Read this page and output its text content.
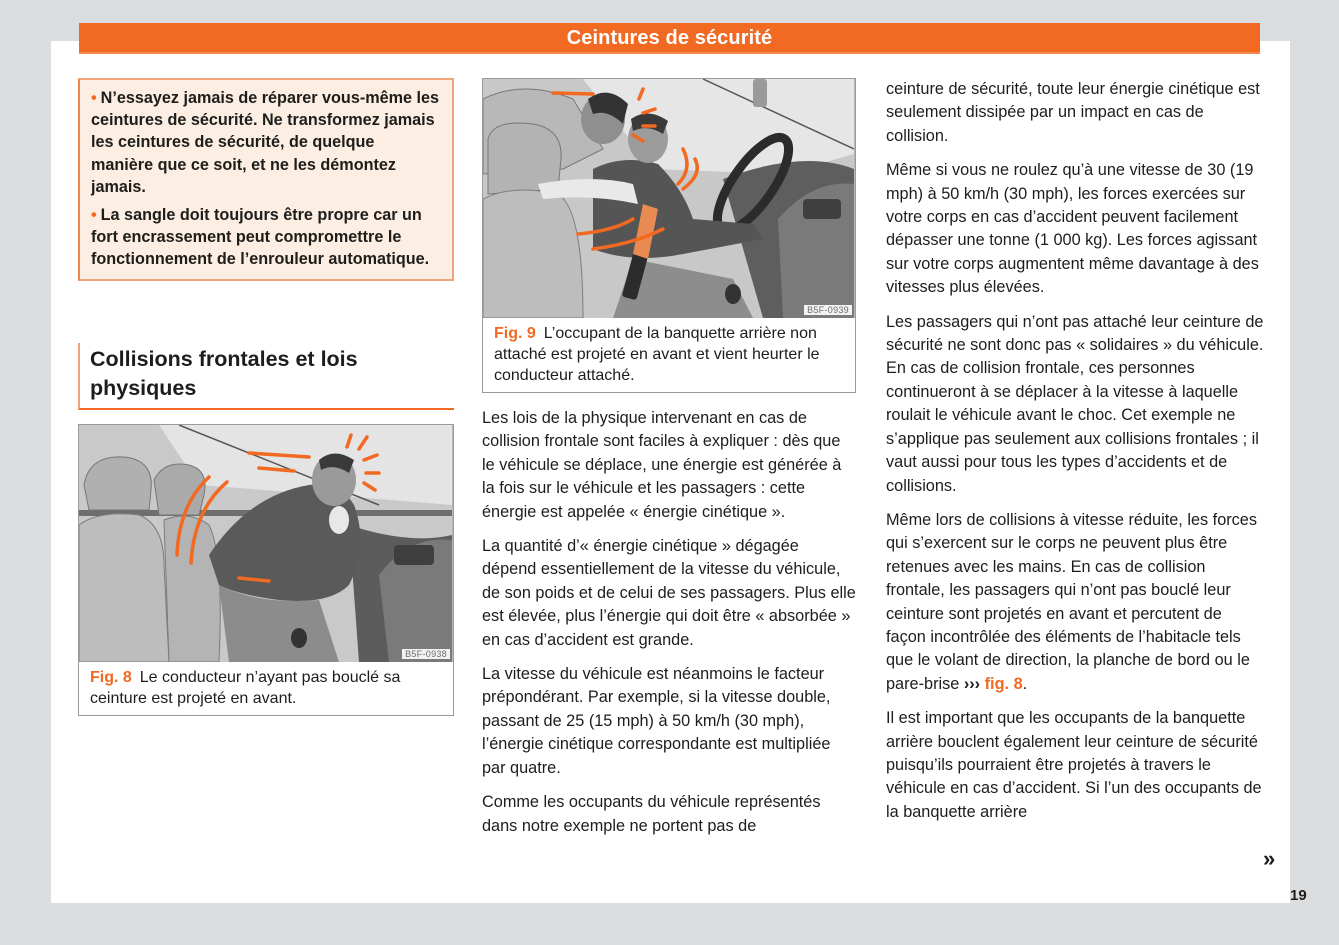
Ceintures de sécurité

• N’essayez jamais de réparer vous-même les ceintures de sécurité. Ne transformez jamais les ceintures de sécurité, de quelque manière que ce soit, et ne les démontez jamais.

• La sangle doit toujours être propre car un fort encrassement peut compromettre le fonctionnement de l’enrouleur automatique.

Collisions frontales et lois physiques
B5F-0938
Fig. 8 Le conducteur n’ayant pas bouclé sa ceinture est projeté en avant.
B5F-0939
Fig. 9 L’occupant de la banquette arrière non attaché est projeté en avant et vient heurter le conducteur attaché.

Les lois de la physique intervenant en cas de collision frontale sont faciles à expliquer : dès que le véhicule se déplace, une énergie est générée à la fois sur le véhicule et les passagers : cette énergie est appelée « énergie cinétique ».

La quantité d’« énergie cinétique » dégagée dépend essentiellement de la vitesse du véhicule, de son poids et de celui de ses passagers. Plus elle est élevée, plus l’énergie qui doit être « absorbée » en cas d’accident est grande.

La vitesse du véhicule est néanmoins le facteur prépondérant. Par exemple, si la vitesse double, passant de 25 (15 mph) à 50 km/h (30 mph), l’énergie cinétique correspondante est multipliée par quatre.

Comme les occupants du véhicule représentés dans notre exemple ne portent pas de

ceinture de sécurité, toute leur énergie cinétique est seulement dissipée par un impact en cas de collision.

Même si vous ne roulez qu’à une vitesse de 30 (19 mph) à 50 km/h (30 mph), les forces exercées sur votre corps en cas d’accident peuvent facilement dépasser une tonne (1 000 kg). Les forces agissant sur votre corps augmentent même davantage à des vitesses plus élevées.

Les passagers qui n’ont pas attaché leur ceinture de sécurité ne sont donc pas « solidaires » du véhicule. En cas de collision frontale, ces personnes continueront à se déplacer à la vitesse à laquelle roulait le véhicule avant le choc. Cet exemple ne s’applique pas seulement aux collisions frontales ; il vaut aussi pour tous les types d’accidents et de collisions.

Même lors de collisions à vitesse réduite, les forces qui s’exercent sur le corps ne peuvent plus être retenues avec les mains. En cas de collision frontale, les passagers qui n’ont pas bouclé leur ceinture sont projetés en avant et percutent de façon incontrôlée des éléments de l’habitacle tels que le volant de direction, la planche de bord ou le pare-brise ››› fig. 8.

Il est important que les occupants de la banquette arrière bouclent également leur ceinture de sécurité puisqu’ils pourraient être projetés à travers le véhicule en cas d’accident. Si l’un des occupants de la banquette arrière

»
19
